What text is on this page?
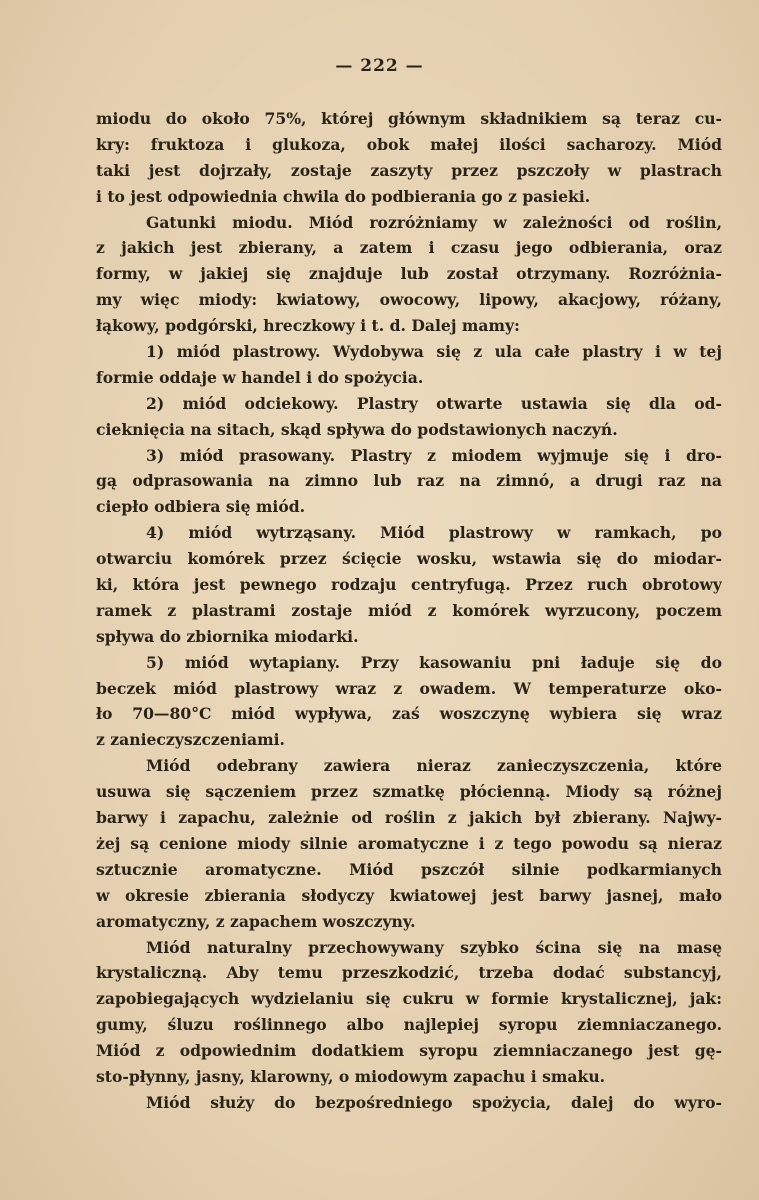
— 222 —
miodu do około 75%, której głównym składnikiem są teraz cu-
kry: fruktoza i glukoza, obok małej ilości sacharozy. Miód
taki jest dojrzały, zostaje zaszyty przez pszczoły w plastrach
i to jest odpowiednia chwila do podbierania go z pasieki.
Gatunki miodu. Miód rozróżniamy w zależności od roślin,
z jakich jest zbierany, a zatem i czasu jego odbierania, oraz
formy, w jakiej się znajduje lub został otrzymany. Rozróżnia-
my więc miody: kwiatowy, owocowy, lipowy, akacjowy, różany,
łąkowy, podgórski, hreczkowy i t. d. Dalej mamy:
1) miód plastrowy. Wydobywa się z ula całe plastry i w tej
formie oddaje w handel i do spożycia.
2) miód odciekowy. Plastry otwarte ustawia się dla od-
cieknięcia na sitach, skąd spływa do podstawionych naczyń.
3) miód prasowany. Plastry z miodem wyjmuje się i dro-
gą odprasowania na zimno lub raz na zimnó, a drugi raz na
ciepło odbiera się miód.
4) miód wytrząsany. Miód plastrowy w ramkach, po
otwarciu komórek przez ścięcie wosku, wstawia się do miodar-
ki, która jest pewnego rodzaju centryfugą. Przez ruch obrotowy
ramek z plastrami zostaje miód z komórek wyrzucony, poczem
spływa do zbiornika miodarki.
5) miód wytapiany. Przy kasowaniu pni ładuje się do
beczek miód plastrowy wraz z owadem. W temperaturze oko-
ło 70—80°C miód wypływa, zaś woszczynę wybiera się wraz
z zanieczyszczeniami.
Miód odebrany zawiera nieraz zanieczyszczenia, które
usuwa się sączeniem przez szmatkę płócienną. Miody są różnej
barwy i zapachu, zależnie od roślin z jakich był zbierany. Najwy-
żej są cenione miody silnie aromatyczne i z tego powodu są nieraz
sztucznie aromatyczne. Miód pszczół silnie podkarmianych
w okresie zbierania słodyczy kwiatowej jest barwy jasnej, mało
aromatyczny, z zapachem woszczyny.
Miód naturalny przechowywany szybko ścina się na masę
krystaliczną. Aby temu przeszkodzić, trzeba dodać substancyj,
zapobiegających wydzielaniu się cukru w formie krystalicznej, jak:
gumy, śluzu roślinnego albo najlepiej syropu ziemniaczanego.
Miód z odpowiednim dodatkiem syropu ziemniaczanego jest gę-
sto-płynny, jasny, klarowny, o miodowym zapachu i smaku.
Miód służy do bezpośredniego spożycia, dalej do wyro-
